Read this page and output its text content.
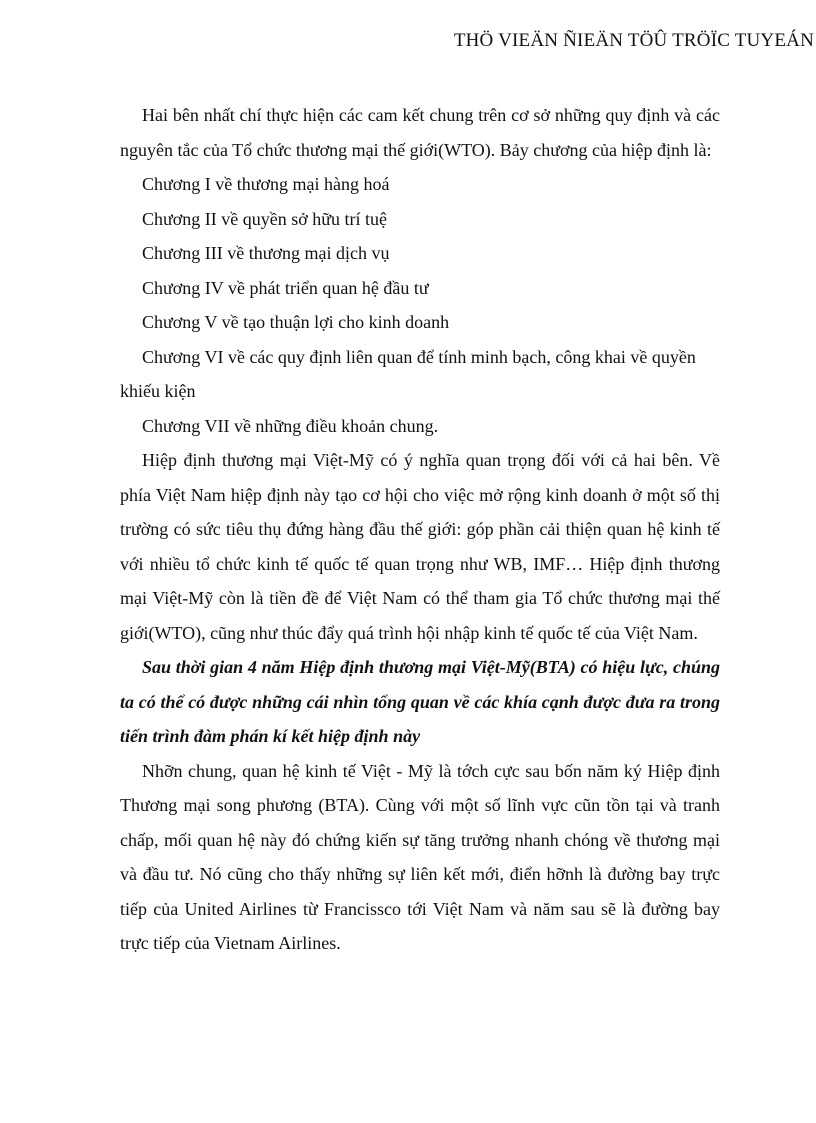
THÖ VIEÄN ÑIEÄN TÖÛ TRÖÏC TUYEÁN

Hai bên nhất chí thực hiện các cam kết chung trên cơ sở những quy định và các nguyên tắc của Tổ chức thương mại thế giới(WTO). Bảy chương của hiệp định là:

Chương I về thương mại hàng hoá
Chương II về quyền sở hữu trí tuệ
Chương III về thương mại dịch vụ
Chương IV về phát triển quan hệ đầu tư
Chương V về tạo thuận lợi cho kinh doanh
Chương VI về các quy định liên quan để tính minh bạch, công khai về quyền khiếu kiện
Chương VII về những điều khoản chung.

Hiệp định thương mại Việt-Mỹ có ý nghĩa quan trọng đối với cả hai bên. Về phía Việt Nam hiệp định này tạo cơ hội cho việc mở rộng kinh doanh ở một số thị trường có sức tiêu thụ đứng hàng đầu thế giới: góp phần cải thiện quan hệ kinh tế với nhiều tổ chức kinh tế quốc tế quan trọng như WB, IMF… Hiệp định thương mại Việt-Mỹ còn là tiền đề để Việt Nam có thể tham gia Tổ chức thương mại thế giới(WTO), cũng như thúc đẩy quá trình hội nhập kinh tế quốc tế của Việt Nam.

Sau thời gian 4 năm Hiệp định thương mại Việt-Mỹ(BTA) có hiệu lực, chúng ta có thể có được những cái nhìn tổng quan về các khía cạnh được đưa ra trong tiến trình đàm phán kí kết hiệp định này

Nhỡn chung, quan hệ kinh tế Việt - Mỹ là tớch cực sau bốn năm ký Hiệp định Thương mại song phương (BTA). Cùng với một số lĩnh vực cũn tồn tại và tranh chấp, mối quan hệ này đó chứng kiến sự tăng trưởng nhanh chóng về thương mại và đầu tư. Nó cũng cho thấy những sự liên kết mới, điển hỡnh là đường bay trực tiếp của United Airlines từ Francissco tới Việt Nam và năm sau sẽ là đường bay trực tiếp của Vietnam Airlines.
